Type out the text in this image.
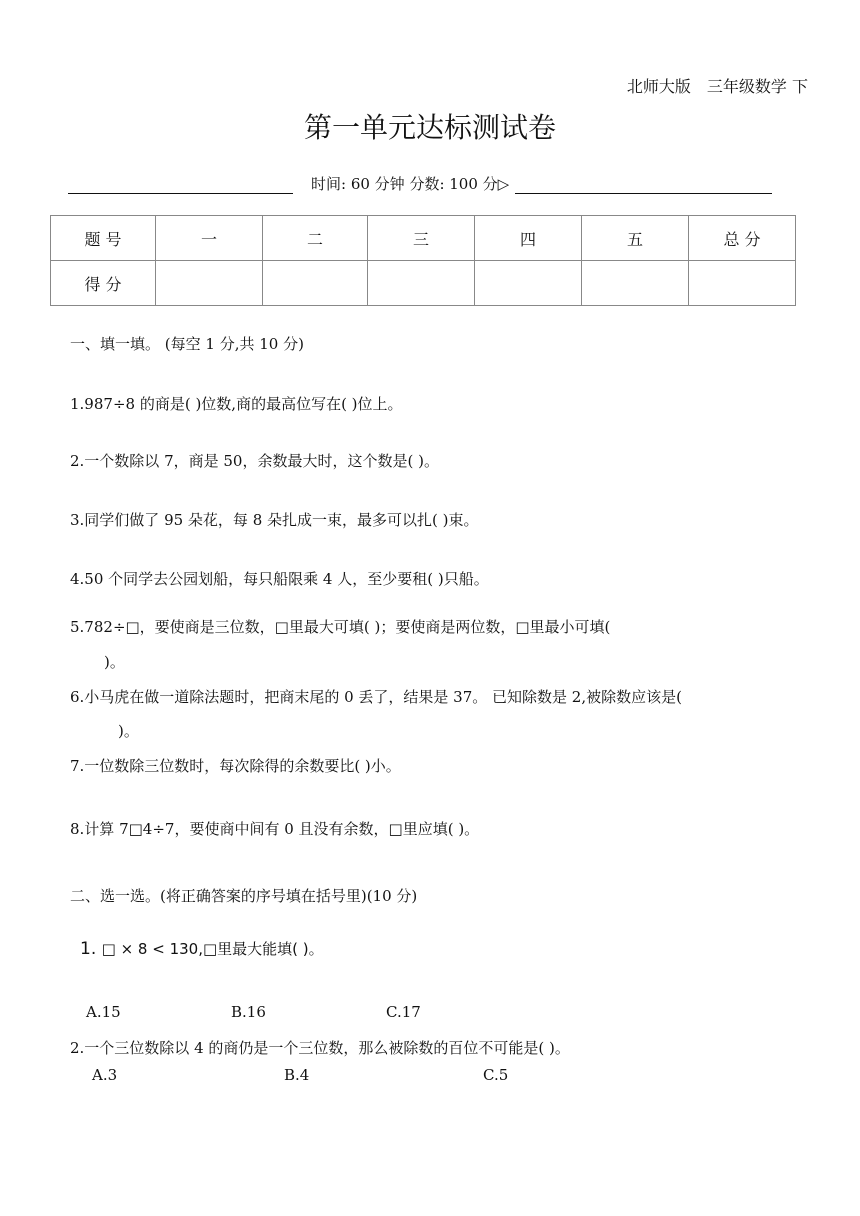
北师大版　三年级数学 下
第一单元达标测试卷
时间: 60 分钟 分数: 100 分▷
题 号	一	二	三	四	五	总 分
得 分						
一、填一填。 (每空 1 分,共 10 分)
1.987÷8 的商是( )位数,商的最高位写在( )位上。
2.一个数除以 7，商是 50，余数最大时，这个数是( )。
3.同学们做了 95 朵花，每 8 朵扎成一束，最多可以扎( )束。
4.50 个同学去公园划船，每只船限乘 4 人，至少要租( )只船。
5.782÷□，要使商是三位数，□里最大可填( )；要使商是两位数，□里最小可填(
)。
6.小马虎在做一道除法题时，把商末尾的 0 丢了，结果是 37。 已知除数是 2,被除数应该是(
)。
7.一位数除三位数时，每次除得的余数要比( )小。
8.计算 7□4÷7，要使商中间有 0 且没有余数，□里应填( )。
二、选一选。(将正确答案的序号填在括号里)(10 分)
1. □ × 8 < 130,□里最大能填( )。
A.15	B.16	C.17
2.一个三位数除以 4 的商仍是一个三位数，那么被除数的百位不可能是( )。
A.3	B.4	C.5
